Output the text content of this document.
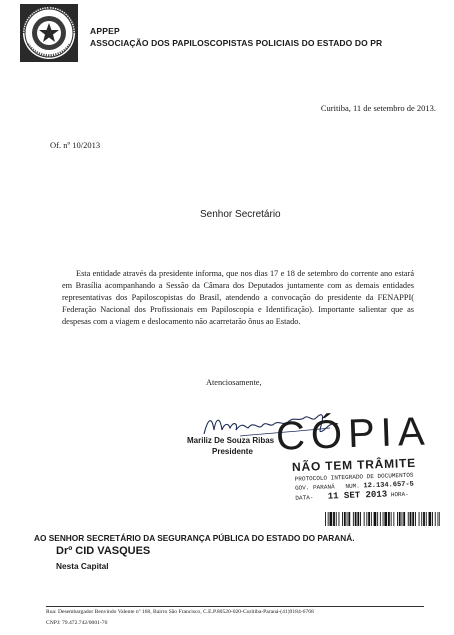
APPEP
ASSOCIAÇÃO DOS PAPILOSCOPISTAS POLICIAIS DO ESTADO DO PR
Curitiba, 11 de setembro de 2013.
Of. nº 10/2013
Senhor Secretário
Esta entidade através da presidente informa, que nos dias 17 e 18 de setembro do corrente ano estará em Brasília acompanhando a Sessão da Câmara dos Deputados juntamente com as demais entidades representativas dos Papiloscopistas do Brasil, atendendo a convocação do presidente da FENAPPI( Federação Nacional dos Profissionais em Papiloscopia e Identificação). Importante salientar que as despesas com a viagem e deslocamento não acarretarão ônus ao Estado.
Atenciosamente,
Mariliz De Souza Ribas
Presidente CÓPIA
NÃO TEM TRÂMITE
PROTOCOLO INTEGRADO DE DOCUMENTOS
GOV. PARANÁ NUM. 12.134.657-5
DATA- 11 SET 2013 HORA-
AO SENHOR SECRETÁRIO DA SEGURANÇA PÚBLICA DO ESTADO DO PARANÁ.
Drº CID VASQUES
Nesta Capital
Rua: Desembargador Benvindo Valente nº 168, Bairro São Francisco, C.E.P.80520-020-Curitiba-Paraná-(41)9184-6768
CNPJ: 79.472.742/0001-70
